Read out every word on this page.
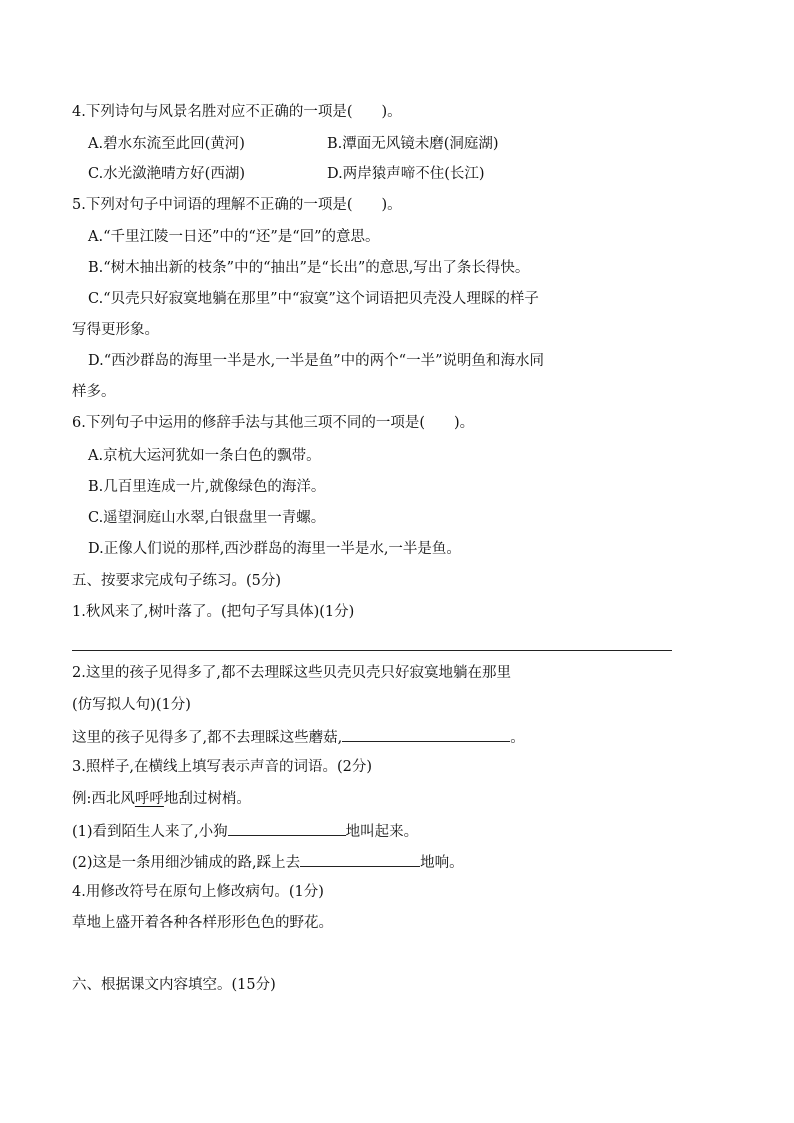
4.下列诗句与风景名胜对应不正确的一项是(　　)。
A.碧水东流至此回(黄河)	B.潭面无风镜未磨(洞庭湖)
C.水光潋滟晴方好(西湖)	D.两岸猿声啼不住(长江)
5.下列对句子中词语的理解不正确的一项是(　　)。
A.“千里江陵一日还”中的“还”是“回”的意思。
B.“树木抽出新的枝条”中的“抽出”是“长出”的意思,写出了条长得快。
C.“贝壳只好寂寞地躺在那里”中“寂寞”这个词语把贝壳没人理睬的样子
写得更形象。
D.“西沙群岛的海里一半是水,一半是鱼”中的两个“一半”说明鱼和海水同
样多。
6.下列句子中运用的修辞手法与其他三项不同的一项是(　　)。
A.京杭大运河犹如一条白色的飘带。
B.几百里连成一片,就像绿色的海洋。
C.遥望洞庭山水翠,白银盘里一青螺。
D.正像人们说的那样,西沙群岛的海里一半是水,一半是鱼。
五、按要求完成句子练习。(5分)
1.秋风来了,树叶落了。(把句子写具体)(1分)
2.这里的孩子见得多了,都不去理睬这些贝壳贝壳只好寂寞地躺在那里
(仿写拟人句)(1分)
这里的孩子见得多了,都不去理睬这些蘑菇,	。
3.照样子,在横线上填写表示声音的词语。(2分)
例:西北风呼呼地刮过树梢。
(1)看到陌生人来了,小狗	地叫起来。
(2)这是一条用细沙铺成的路,踩上去	地响。
4.用修改符号在原句上修改病句。(1分)
草地上盛开着各种各样形形色色的野花。
六、根据课文内容填空。(15分)
